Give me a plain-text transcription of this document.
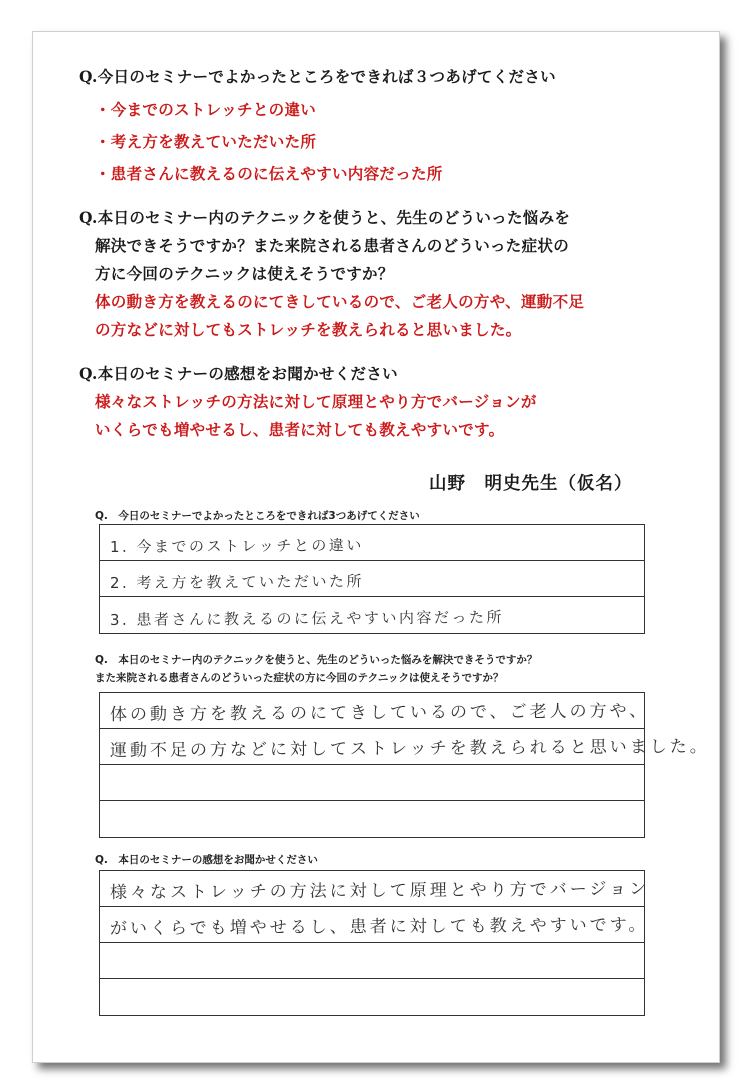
Q.今日のセミナーでよかったところをできれば３つあげてください
・今までのストレッチとの違い
・考え方を教えていただいた所
・患者さんに教えるのに伝えやすい内容だった所
Q.本日のセミナー内のテクニックを使うと、先生のどういった悩みを
解決できそうですか？また来院される患者さんのどういった症状の
方に今回のテクニックは使えそうですか？
体の動き方を教えるのにてきしているので、ご老人の方や、運動不足
の方などに対してもストレッチを教えられると思いました。
Q.本日のセミナーの感想をお聞かせください
様々なストレッチの方法に対して原理とやり方でバージョンが
いくらでも増やせるし、患者に対しても教えやすいです。
山野　明史先生（仮名）
Q.　今日のセミナーでよかったところをできれば3つあげてください
1. 今までのストレッチとの違い
2. 考え方を教えていただいた所
3. 患者さんに教えるのに伝えやすい内容だった所
Q.　本日のセミナー内のテクニックを使うと、先生のどういった悩みを解決できそうですか？
また来院される患者さんのどういった症状の方に今回のテクニックは使えそうですか？
体の動き方を教えるのにてきしているので、ご老人の方や、
運動不足の方などに対してストレッチを教えられると思いました。
Q.　本日のセミナーの感想をお聞かせください
様々なストレッチの方法に対して原理とやり方でバージョン
がいくらでも増やせるし、患者に対しても教えやすいです。
